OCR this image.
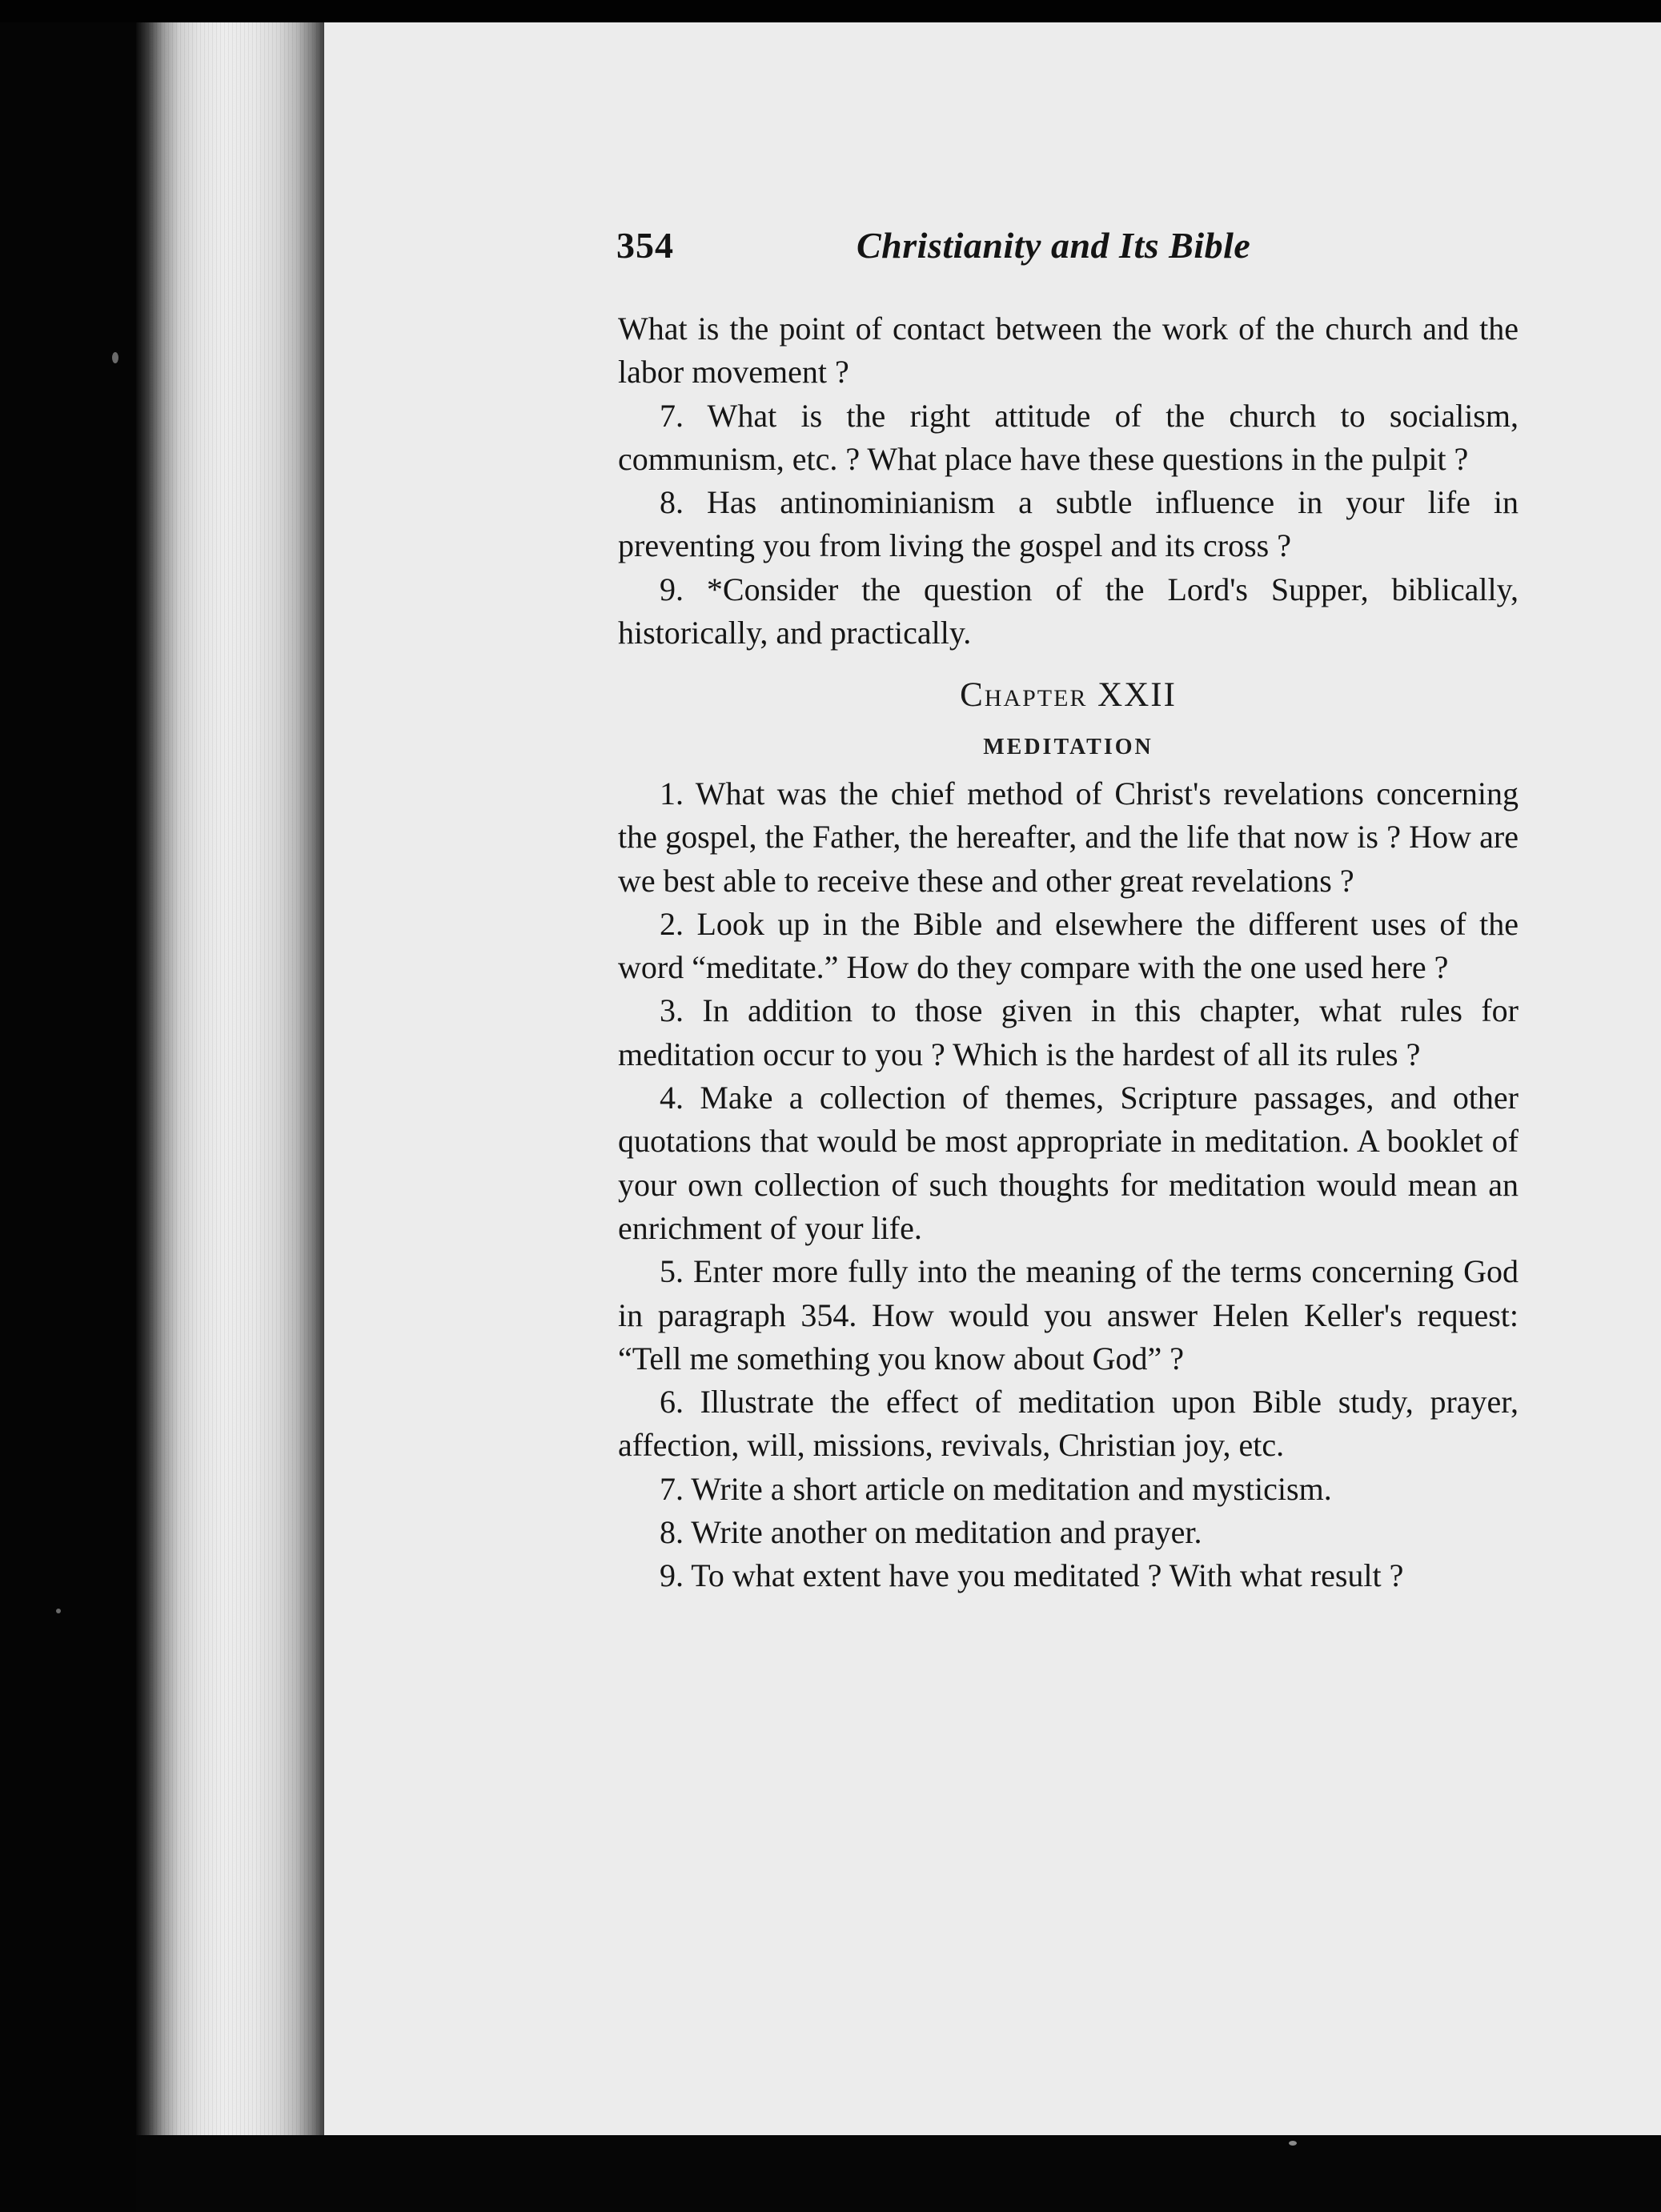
354	Christianity and Its Bible

What is the point of contact between the work of the church and the labor movement ?

7. What is the right attitude of the church to socialism, communism, etc. ? What place have these questions in the pulpit ?

8. Has antinominianism a subtle influence in your life in preventing you from living the gospel and its cross ?

9. *Consider the question of the Lord's Supper, biblically, historically, and practically.

Chapter XXII

MEDITATION

1. What was the chief method of Christ's revelations concerning the gospel, the Father, the hereafter, and the life that now is ? How are we best able to receive these and other great revelations ?

2. Look up in the Bible and elsewhere the different uses of the word “meditate.” How do they compare with the one used here ?

3. In addition to those given in this chapter, what rules for meditation occur to you ? Which is the hardest of all its rules ?

4. Make a collection of themes, Scripture passages, and other quotations that would be most appropriate in meditation. A booklet of your own collection of such thoughts for meditation would mean an enrichment of your life.

5. Enter more fully into the meaning of the terms concerning God in paragraph 354. How would you answer Helen Keller's request: “Tell me something you know about God” ?

6. Illustrate the effect of meditation upon Bible study, prayer, affection, will, missions, revivals, Christian joy, etc.

7. Write a short article on meditation and mysticism.

8. Write another on meditation and prayer.

9. To what extent have you meditated ? With what result ?
